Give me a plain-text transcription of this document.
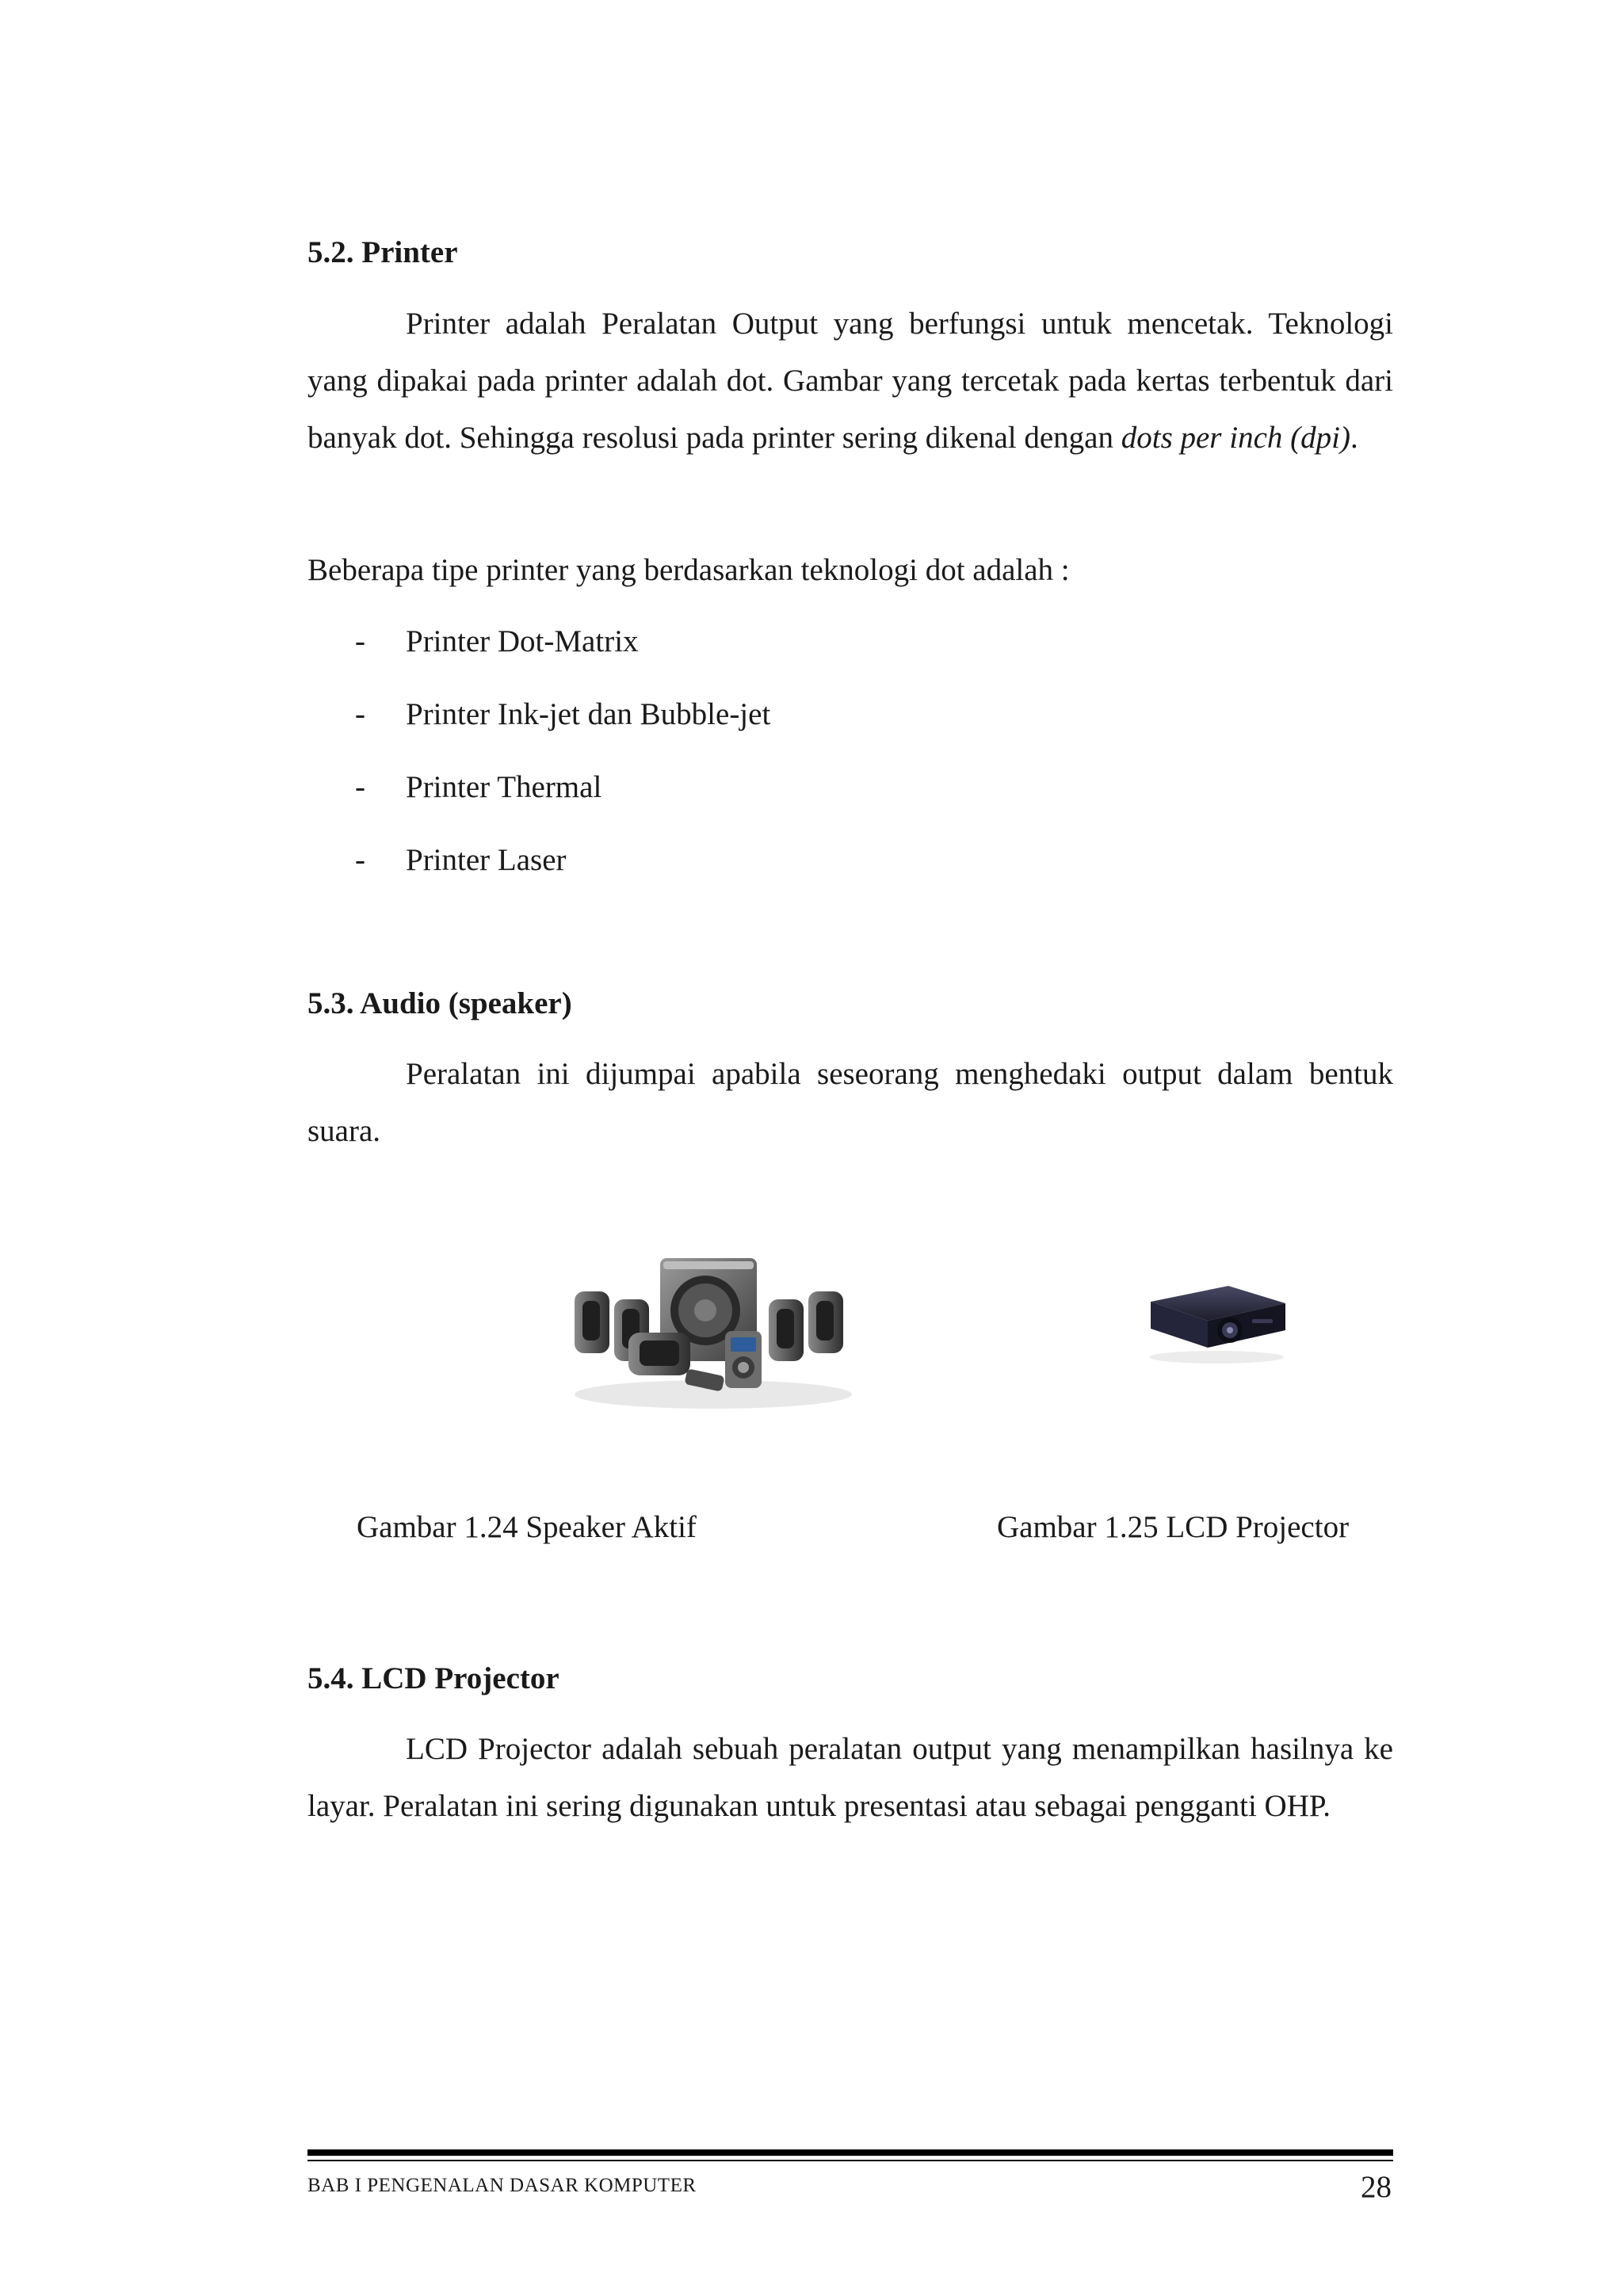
5.2. Printer

Printer adalah Peralatan Output yang berfungsi untuk mencetak. Teknologi yang dipakai pada printer adalah dot. Gambar yang tercetak pada kertas terbentuk dari banyak dot. Sehingga resolusi pada printer sering dikenal dengan dots per inch (dpi).

Beberapa tipe printer yang berdasarkan teknologi dot adalah :

- Printer Dot-Matrix
- Printer Ink-jet dan Bubble-jet
- Printer Thermal
- Printer Laser
5.3. Audio (speaker)

Peralatan ini dijumpai apabila seseorang menghedaki output dalam bentuk suara.

Gambar 1.24 Speaker Aktif	Gambar 1.25 LCD Projector
5.4. LCD Projector

LCD Projector adalah sebuah peralatan output yang menampilkan hasilnya ke layar. Peralatan ini sering digunakan untuk presentasi atau sebagai pengganti OHP.

BAB I PENGENALAN DASAR KOMPUTER	28
